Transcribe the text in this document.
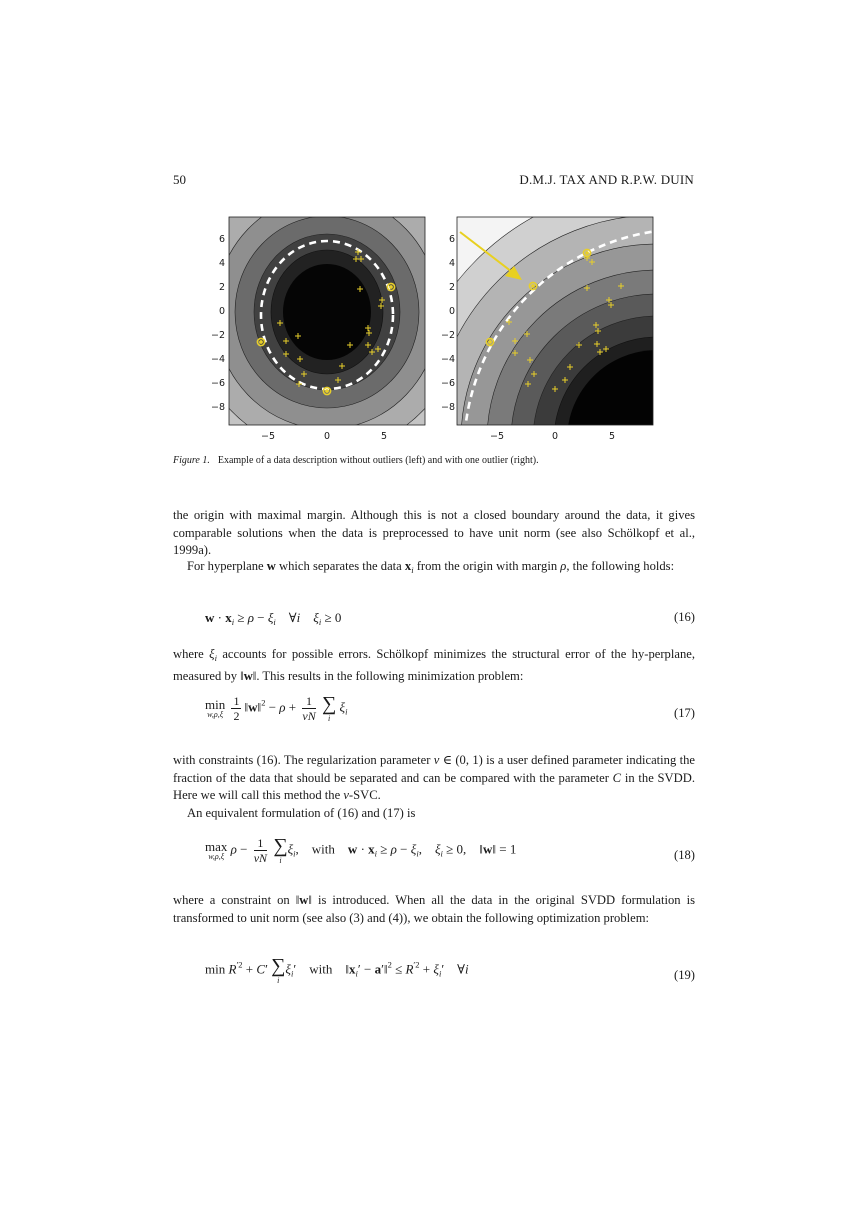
50	D.M.J. TAX AND R.P.W. DUIN
6
4
2
0
−2
−4
−6
−8
−5	0	5
6
4
2
0
−2
−4
−6
−8
−5	0	5
Figure 1. Example of a data description without outliers (left) and with one outlier (right).
the origin with maximal margin. Although this is not a closed boundary around the data, it gives comparable solutions when the data is preprocessed to have unit norm (see also Schölkopf et al., 1999a).
For hyperplane w which separates the data $x_i$ from the origin with margin ρ, the following holds:
$w \cdot x_i \ge \rho - \xi_i$    ∀i $\xi_i \ge 0$	(16)
where $\xi_i$ accounts for possible errors. Schölkopf minimizes the structural error of the hy-perplane, measured by ‖w‖. This results in the following minimization problem:
min
w,ρ,ξ
$\frac{1}{2}$ ‖w‖$^2$ − $\rho + \frac{1}{\nu N}$
∑
i
$\xi_i$	(17)
with constraints (16). The regularization parameter ν ∈ (0, 1) is a user defined parameter indicating the fraction of the data that should be separated and can be compared with the parameter C in the SVDD. Here we will call this method the ν-SVC.
An equivalent formulation of (16) and (17) is
max
w,ρ,ξ $\rho - \frac{1}{\nu N}$
∑
i
$\xi_i$,    with $w \cdot x_i \ge \rho - \xi_i$,    $\xi_i \ge 0$,    ‖w‖ = 1	(18)
where a constraint on ‖w‖ is introduced. When all the data in the original SVDD formulation is transformed to unit norm (see also (3) and (4)), we obtain the following optimization problem:
$\min R^{'2} + C'$ ∑
i
$\xi_i'$    with    $‖x_i'$ − a′‖$^2$ ≤ $R^{'2} + \xi_i'$    ∀i	(19)
